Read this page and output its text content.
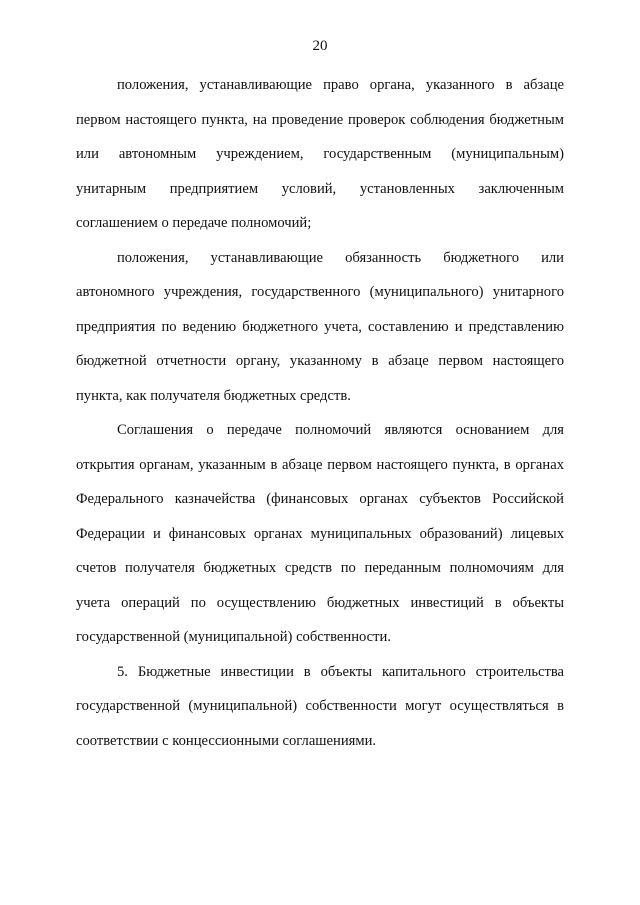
20

положения, устанавливающие право органа, указанного в абзаце первом настоящего пункта, на проведение проверок соблюдения бюджетным или автономным учреждением, государственным (муниципальным) унитарным предприятием условий, установленных заключенным соглашением о передаче полномочий;

положения, устанавливающие обязанность бюджетного или автономного учреждения, государственного (муниципального) унитарного предприятия по ведению бюджетного учета, составлению и представлению бюджетной отчетности органу, указанному в абзаце первом настоящего пункта, как получателя бюджетных средств.

Соглашения о передаче полномочий являются основанием для открытия органам, указанным в абзаце первом настоящего пункта, в органах Федерального казначейства (финансовых органах субъектов Российской Федерации и финансовых органах муниципальных образований) лицевых счетов получателя бюджетных средств по переданным полномочиям для учета операций по осуществлению бюджетных инвестиций в объекты государственной (муниципальной) собственности.

5. Бюджетные инвестиции в объекты капитального строительства государственной (муниципальной) собственности могут осуществляться в соответствии с концессионными соглашениями.
